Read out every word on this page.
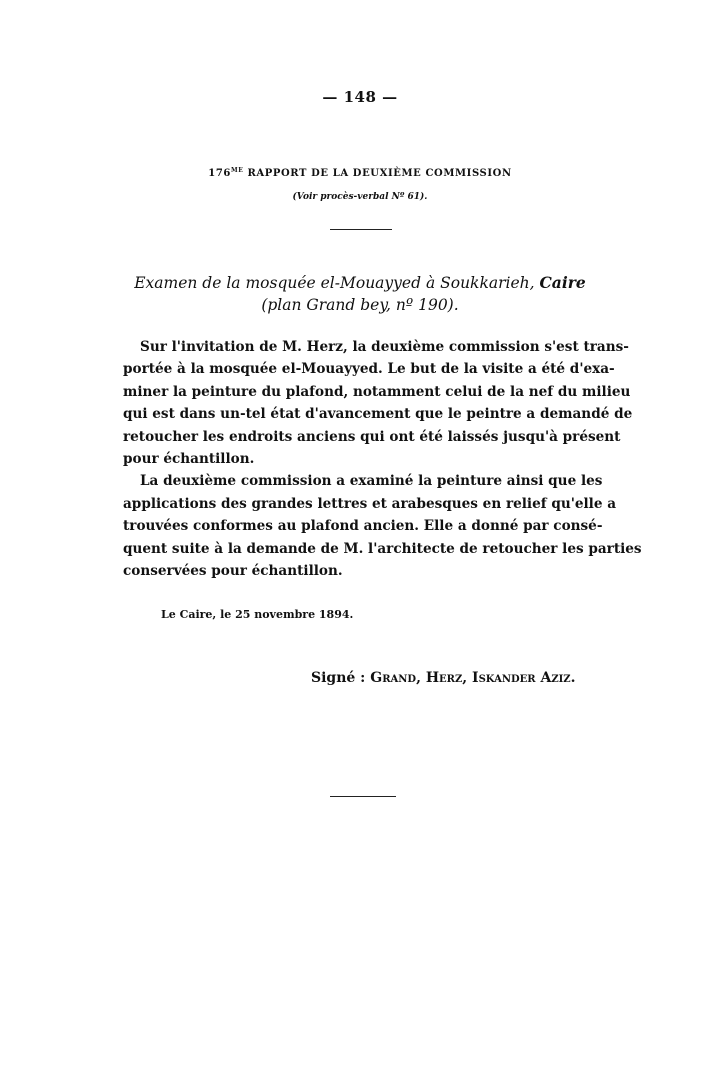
— 148 —
$176^{ME}$ RAPPORT DE LA DEUXIÈME COMMISSION
(Voir procès-verbal Nº 61).
Examen de la mosquée el-Mouayyed à Soukkarieh, Caire
(plan Grand bey, nº 190).

Sur l'invitation de M. Herz, la deuxième commission s'est trans-
portée à la mosquée el-Mouayyed. Le but de la visite a été d'exa-
miner la peinture du plafond, notamment celui de la nef du milieu
qui est dans un-tel état d'avancement que le peintre a demandé de
retoucher les endroits anciens qui ont été laissés jusqu'à présent
pour échantillon.

La deuxième commission a examiné la peinture ainsi que les
applications des grandes lettres et arabesques en relief qu'elle a
trouvées conformes au plafond ancien. Elle a donné par consé-
quent suite à la demande de M. l'architecte de retoucher les parties
conservées pour échantillon.

Le Caire, le 25 novembre 1894.
Signé : Grand, Herz, Iskander Aziz.
